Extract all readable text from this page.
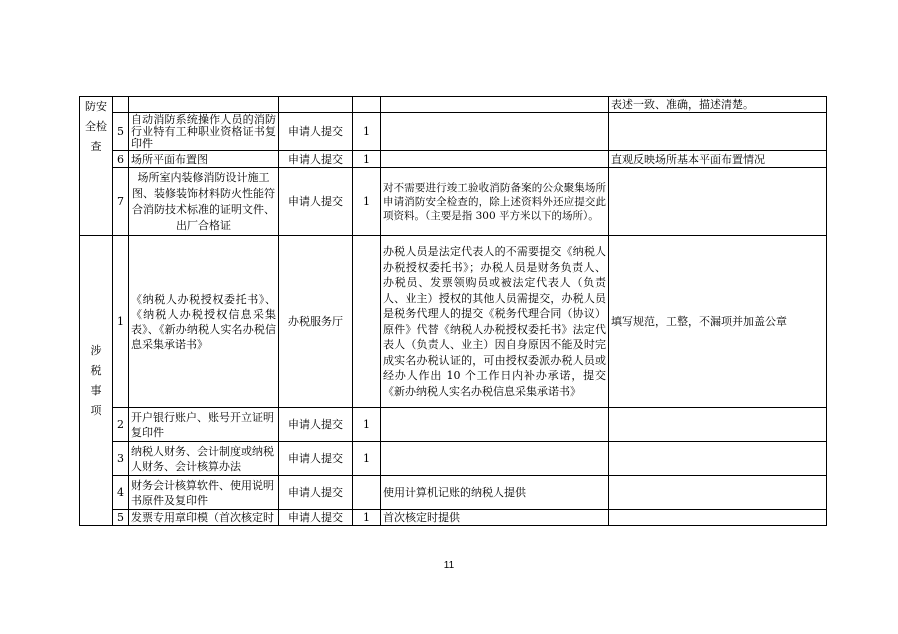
防安全检查						表述一致、准确，描述清楚。
	5	自动消防系统操作人员的消防行业特有工种职业资格证书复印件	申请人提交	1		
	6	场所平面布置图	申请人提交	1		直观反映场所基本平面布置情况
	7	场所室内装修消防设计施工图、装修装饰材料防火性能符合消防技术标准的证明文件、出厂合格证	申请人提交	1	对不需要进行竣工验收消防备案的公众聚集场所申请消防安全检查的，除上述资料外还应提交此项资料。（主要是指 300 平方米以下的场所）。	
涉税事项	1	《纳税人办税授权委托书》、《纳税人办税授权信息采集表》、《新办纳税人实名办税信息采集承诺书》	办税服务厅		办税人员是法定代表人的不需要提交《纳税人办税授权委托书》；办税人员是财务负责人、办税员、发票领购员或被法定代表人（负责人、业主）授权的其他人员需提交，办税人员是税务代理人的提交《税务代理合同（协议）原件》代替《纳税人办税授权委托书》法定代表人（负责人、业主）因自身原因不能及时完成实名办税认证的，可由授权委派办税人员或经办人作出 10 个工作日内补办承诺，提交《新办纳税人实名办税信息采集承诺书》	填写规范，工整，不漏项并加盖公章
	2	开户银行账户、账号开立证明复印件	申请人提交	1		
	3	纳税人财务、会计制度或纳税人财务、会计核算办法	申请人提交	1		
	4	财务会计核算软件、使用说明书原件及复印件	申请人提交		使用计算机记账的纳税人提供	
	5	发票专用章印模（首次核定时	申请人提交	1	首次核定时提供	
11
